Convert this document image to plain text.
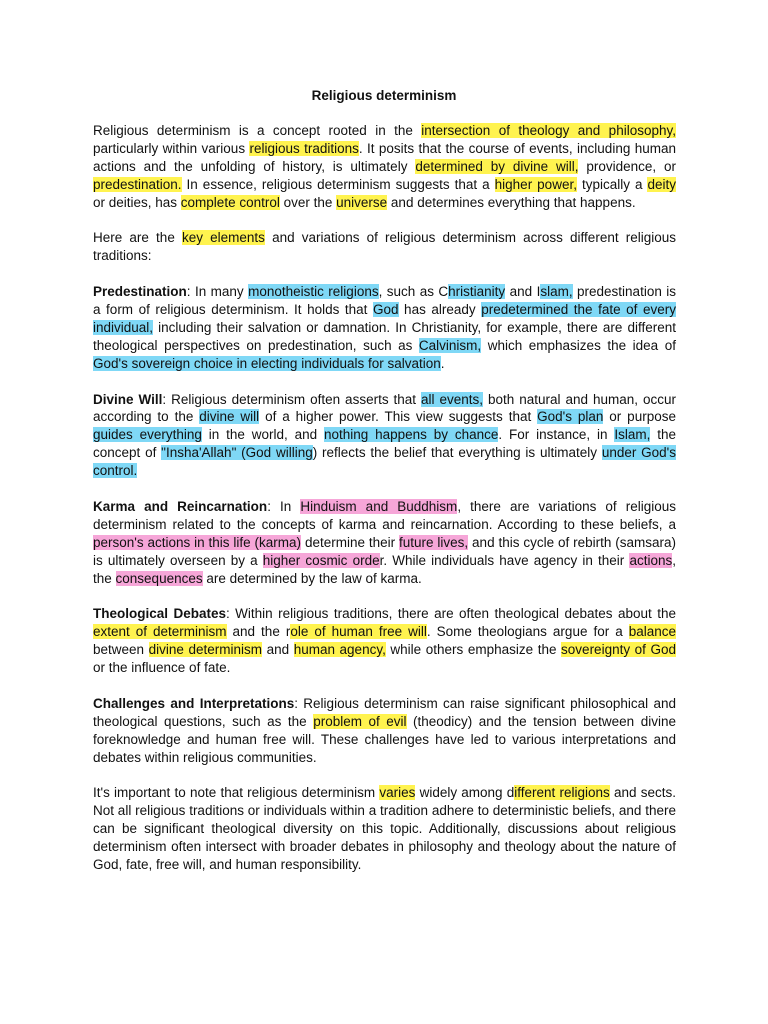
Religious determinism

Religious determinism is a concept rooted in the intersection of theology and philosophy, particularly within various religious traditions. It posits that the course of events, including human actions and the unfolding of history, is ultimately determined by divine will, providence, or predestination. In essence, religious determinism suggests that a higher power, typically a deity or deities, has complete control over the universe and determines everything that happens.

Here are the key elements and variations of religious determinism across different religious traditions:

Predestination: In many monotheistic religions, such as Christianity and Islam, predestination is a form of religious determinism. It holds that God has already predetermined the fate of every individual, including their salvation or damnation. In Christianity, for example, there are different theological perspectives on predestination, such as Calvinism, which emphasizes the idea of God's sovereign choice in electing individuals for salvation.

Divine Will: Religious determinism often asserts that all events, both natural and human, occur according to the divine will of a higher power. This view suggests that God's plan or purpose guides everything in the world, and nothing happens by chance. For instance, in Islam, the concept of "Insha'Allah" (God willing) reflects the belief that everything is ultimately under God's control.

Karma and Reincarnation: In Hinduism and Buddhism, there are variations of religious determinism related to the concepts of karma and reincarnation. According to these beliefs, a person's actions in this life (karma) determine their future lives, and this cycle of rebirth (samsara) is ultimately overseen by a higher cosmic order. While individuals have agency in their actions, the consequences are determined by the law of karma.

Theological Debates: Within religious traditions, there are often theological debates about the extent of determinism and the role of human free will. Some theologians argue for a balance between divine determinism and human agency, while others emphasize the sovereignty of God or the influence of fate.

Challenges and Interpretations: Religious determinism can raise significant philosophical and theological questions, such as the problem of evil (theodicy) and the tension between divine foreknowledge and human free will. These challenges have led to various interpretations and debates within religious communities.

It's important to note that religious determinism varies widely among different religions and sects. Not all religious traditions or individuals within a tradition adhere to deterministic beliefs, and there can be significant theological diversity on this topic. Additionally, discussions about religious determinism often intersect with broader debates in philosophy and theology about the nature of God, fate, free will, and human responsibility.
